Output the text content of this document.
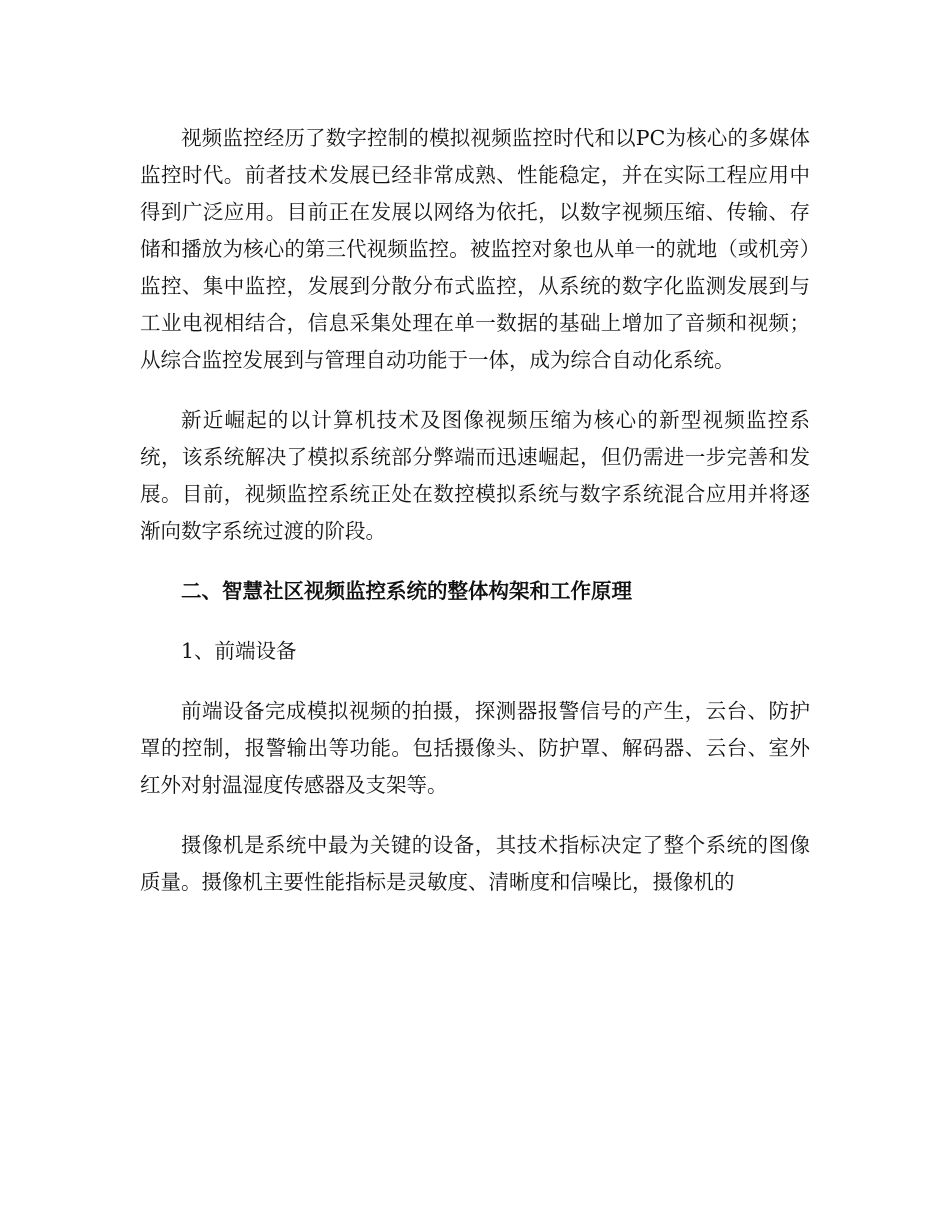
视频监控经历了数字控制的模拟视频监控时代和以PC为核心的多媒体监控时代。前者技术发展已经非常成熟、性能稳定，并在实际工程应用中得到广泛应用。目前正在发展以网络为依托，以数字视频压缩、传输、存储和播放为核心的第三代视频监控。被监控对象也从单一的就地（或机旁）监控、集中监控，发展到分散分布式监控，从系统的数字化监测发展到与工业电视相结合，信息采集处理在单一数据的基础上增加了音频和视频；从综合监控发展到与管理自动功能于一体，成为综合自动化系统。

新近崛起的以计算机技术及图像视频压缩为核心的新型视频监控系统，该系统解决了模拟系统部分弊端而迅速崛起，但仍需进一步完善和发展。目前，视频监控系统正处在数控模拟系统与数字系统混合应用并将逐渐向数字系统过渡的阶段。

二、智慧社区视频监控系统的整体构架和工作原理

1、前端设备

前端设备完成模拟视频的拍摄，探测器报警信号的产生，云台、防护罩的控制，报警输出等功能。包括摄像头、防护罩、解码器、云台、室外红外对射温湿度传感器及支架等。

摄像机是系统中最为关键的设备，其技术指标决定了整个系统的图像质量。摄像机主要性能指标是灵敏度、清晰度和信噪比，摄像机的
